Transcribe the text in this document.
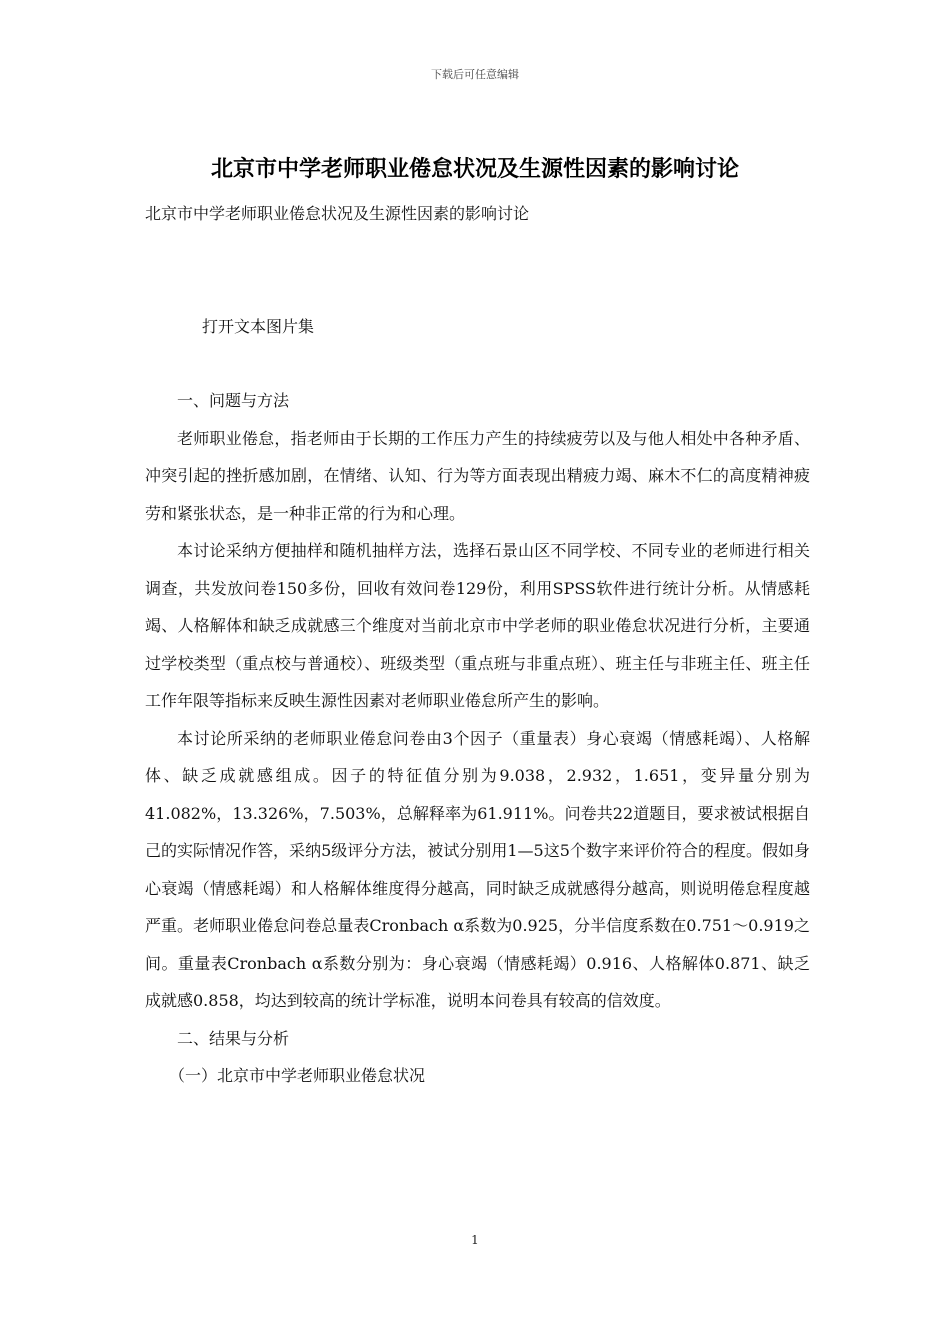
下载后可任意编辑
北京市中学老师职业倦怠状况及生源性因素的影响讨论
北京市中学老师职业倦怠状况及生源性因素的影响讨论
打开文本图片集

一、问题与方法

老师职业倦怠，指老师由于长期的工作压力产生的持续疲劳以及与他人相处中各种矛盾、冲突引起的挫折感加剧，在情绪、认知、行为等方面表现出精疲力竭、麻木不仁的高度精神疲劳和紧张状态，是一种非正常的行为和心理。

本讨论采纳方便抽样和随机抽样方法，选择石景山区不同学校、不同专业的老师进行相关调查，共发放问卷150多份，回收有效问卷129份，利用SPSS软件进行统计分析。从情感耗竭、人格解体和缺乏成就感三个维度对当前北京市中学老师的职业倦怠状况进行分析，主要通过学校类型（重点校与普通校）、班级类型（重点班与非重点班）、班主任与非班主任、班主任工作年限等指标来反映生源性因素对老师职业倦怠所产生的影响。

本讨论所采纳的老师职业倦怠问卷由3个因子（重量表）身心衰竭（情感耗竭）、人格解体、缺乏成就感组成。因子的特征值分别为9.038，2.932，1.651，变异量分别为41.082%，13.326%，7.503%，总解释率为61.911%。问卷共22道题目，要求被试根据自己的实际情况作答，采纳5级评分方法，被试分别用1—5这5个数字来评价符合的程度。假如身心衰竭（情感耗竭）和人格解体维度得分越高，同时缺乏成就感得分越高，则说明倦怠程度越严重。老师职业倦怠问卷总量表Cronbach α系数为0.925，分半信度系数在0.751～0.919之间。重量表Cronbach α系数分别为：身心衰竭（情感耗竭）0.916、人格解体0.871、缺乏成就感0.858，均达到较高的统计学标准，说明本问卷具有较高的信效度。

二、结果与分析

（一）北京市中学老师职业倦怠状况

1
